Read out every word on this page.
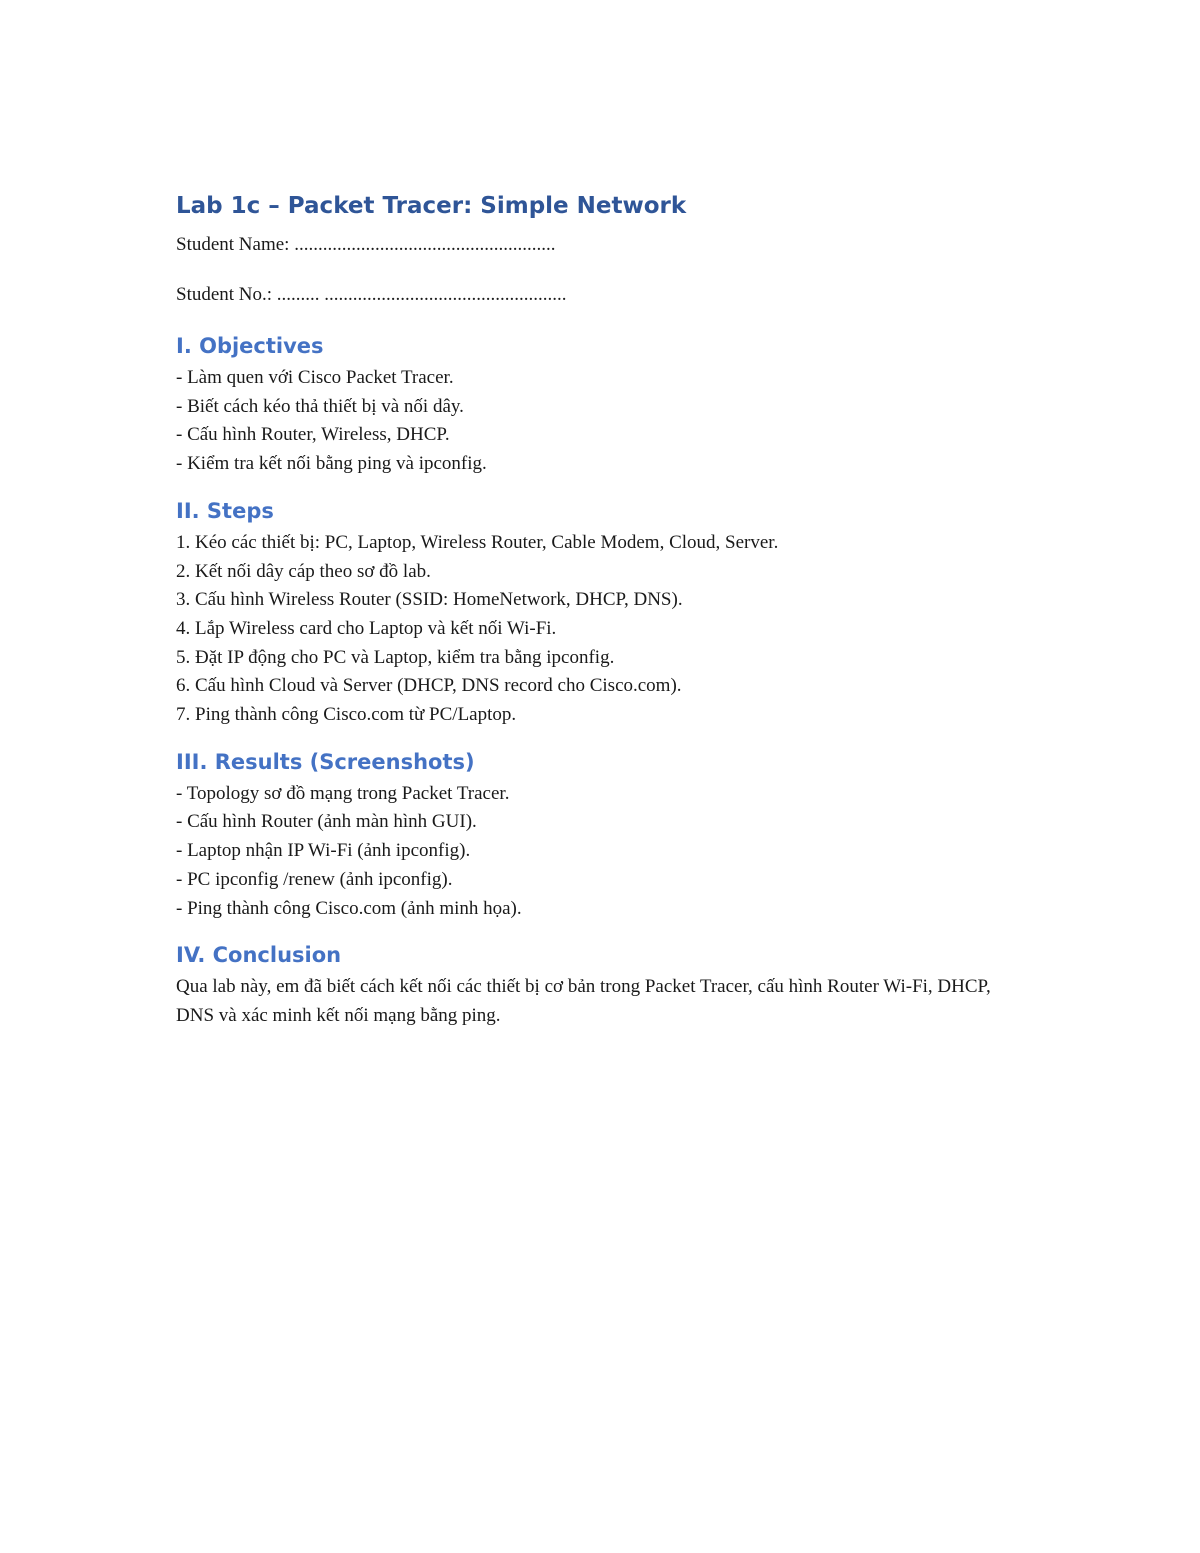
Lab 1c – Packet Tracer: Simple Network

Student Name: .......................................................

Student No.: ......... ...................................................

I. Objectives
- Làm quen với Cisco Packet Tracer.
- Biết cách kéo thả thiết bị và nối dây.
- Cấu hình Router, Wireless, DHCP.
- Kiểm tra kết nối bằng ping và ipconfig.
II. Steps
1. Kéo các thiết bị: PC, Laptop, Wireless Router, Cable Modem, Cloud, Server.
2. Kết nối dây cáp theo sơ đồ lab.
3. Cấu hình Wireless Router (SSID: HomeNetwork, DHCP, DNS).
4. Lắp Wireless card cho Laptop và kết nối Wi-Fi.
5. Đặt IP động cho PC và Laptop, kiểm tra bằng ipconfig.
6. Cấu hình Cloud và Server (DHCP, DNS record cho Cisco.com).
7. Ping thành công Cisco.com từ PC/Laptop.
III. Results (Screenshots)
- Topology sơ đồ mạng trong Packet Tracer.
- Cấu hình Router (ảnh màn hình GUI).
- Laptop nhận IP Wi-Fi (ảnh ipconfig).
- PC ipconfig /renew (ảnh ipconfig).
- Ping thành công Cisco.com (ảnh minh họa).
IV. Conclusion

Qua lab này, em đã biết cách kết nối các thiết bị cơ bản trong Packet Tracer, cấu hình Router Wi-Fi, DHCP, DNS và xác minh kết nối mạng bằng ping.
